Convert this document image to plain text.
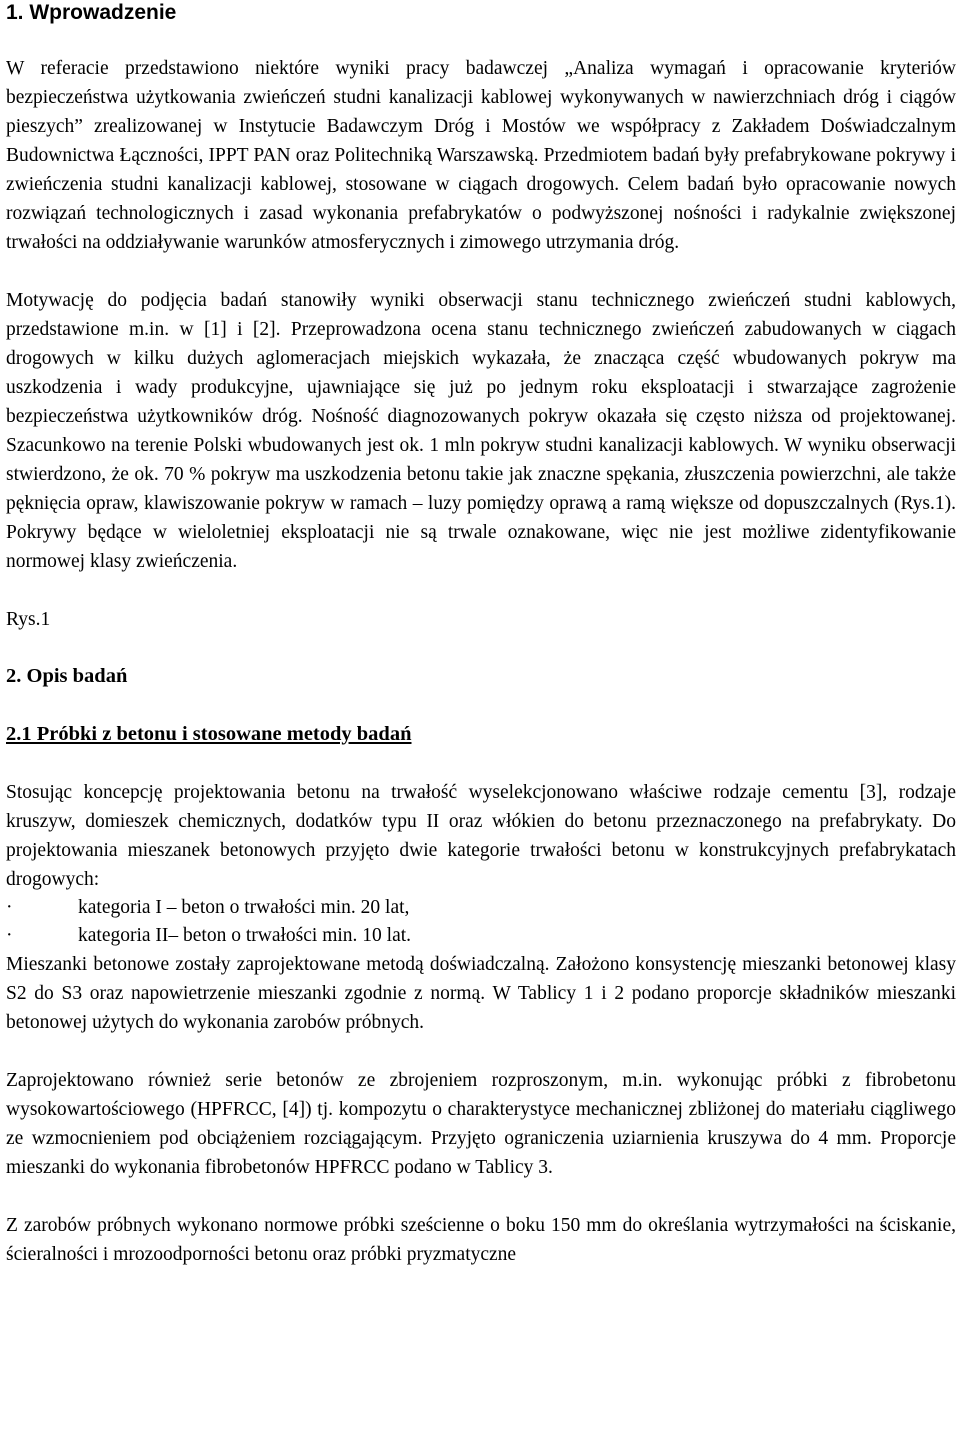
1. Wprowadzenie

W referacie przedstawiono niektóre wyniki pracy badawczej „Analiza wymagań i opracowanie kryteriów bezpieczeństwa użytkowania zwieńczeń studni kanalizacji kablowej wykonywanych w nawierzchniach dróg i ciągów pieszych” zrealizowanej w Instytucie Badawczym Dróg i Mostów we współpracy z Zakładem Doświadczalnym Budownictwa Łączności, IPPT PAN oraz Politechniką Warszawską. Przedmiotem badań były prefabrykowane pokrywy i zwieńczenia studni kanalizacji kablowej, stosowane w ciągach drogowych. Celem badań było opracowanie nowych rozwiązań technologicznych i zasad wykonania prefabrykatów o podwyższonej nośności i radykalnie zwiększonej trwałości na oddziaływanie warunków atmosferycznych i zimowego utrzymania dróg.

Motywację do podjęcia badań stanowiły wyniki obserwacji stanu technicznego zwieńczeń studni kablowych, przedstawione m.in. w [1] i [2]. Przeprowadzona ocena stanu technicznego zwieńczeń zabudowanych w ciągach drogowych w kilku dużych aglomeracjach miejskich wykazała, że znacząca część wbudowanych pokryw ma uszkodzenia i wady produkcyjne, ujawniające się już po jednym roku eksploatacji i stwarzające zagrożenie bezpieczeństwa użytkowników dróg. Nośność diagnozowanych pokryw okazała się często niższa od projektowanej. Szacunkowo na terenie Polski wbudowanych jest ok. 1 mln pokryw studni kanalizacji kablowych. W wyniku obserwacji stwierdzono, że ok. 70 % pokryw ma uszkodzenia betonu takie jak znaczne spękania, złuszczenia powierzchni, ale także pęknięcia opraw, klawiszowanie pokryw w ramach – luzy pomiędzy oprawą a ramą większe od dopuszczalnych (Rys.1). Pokrywy będące w wieloletniej eksploatacji nie są trwale oznakowane, więc nie jest możliwe zidentyfikowanie normowej klasy zwieńczenia.

Rys.1

2. Opis badań
2.1 Próbki z betonu i stosowane metody badań

Stosując koncepcję projektowania betonu na trwałość wyselekcjonowano właściwe rodzaje cementu [3], rodzaje kruszyw, domieszek chemicznych, dodatków typu II oraz włókien do betonu przeznaczonego na prefabrykaty. Do projektowania mieszanek betonowych przyjęto dwie kategorie trwałości betonu w konstrukcyjnych prefabrykatach drogowych:

·	kategoria I – beton o trwałości min. 20 lat,
·	kategoria II– beton o trwałości min. 10 lat.

Mieszanki betonowe zostały zaprojektowane metodą doświadczalną. Założono konsystencję mieszanki betonowej klasy S2 do S3 oraz napowietrzenie mieszanki zgodnie z normą. W Tablicy 1 i 2 podano proporcje składników mieszanki betonowej użytych do wykonania zarobów próbnych.

Zaprojektowano również serie betonów ze zbrojeniem rozproszonym, m.in. wykonując próbki z fibrobetonu wysokowartościowego (HPFRCC, [4]) tj. kompozytu o charakterystyce mechanicznej zbliżonej do materiału ciągliwego ze wzmocnieniem pod obciążeniem rozciągającym. Przyjęto ograniczenia uziarnienia kruszywa do 4 mm. Proporcje mieszanki do wykonania fibrobetonów HPFRCC podano w Tablicy 3.

Z zarobów próbnych wykonano normowe próbki sześcienne o boku 150 mm do określania wytrzymałości na ściskanie, ścieralności i mrozoodporności betonu oraz próbki pryzmatyczne
